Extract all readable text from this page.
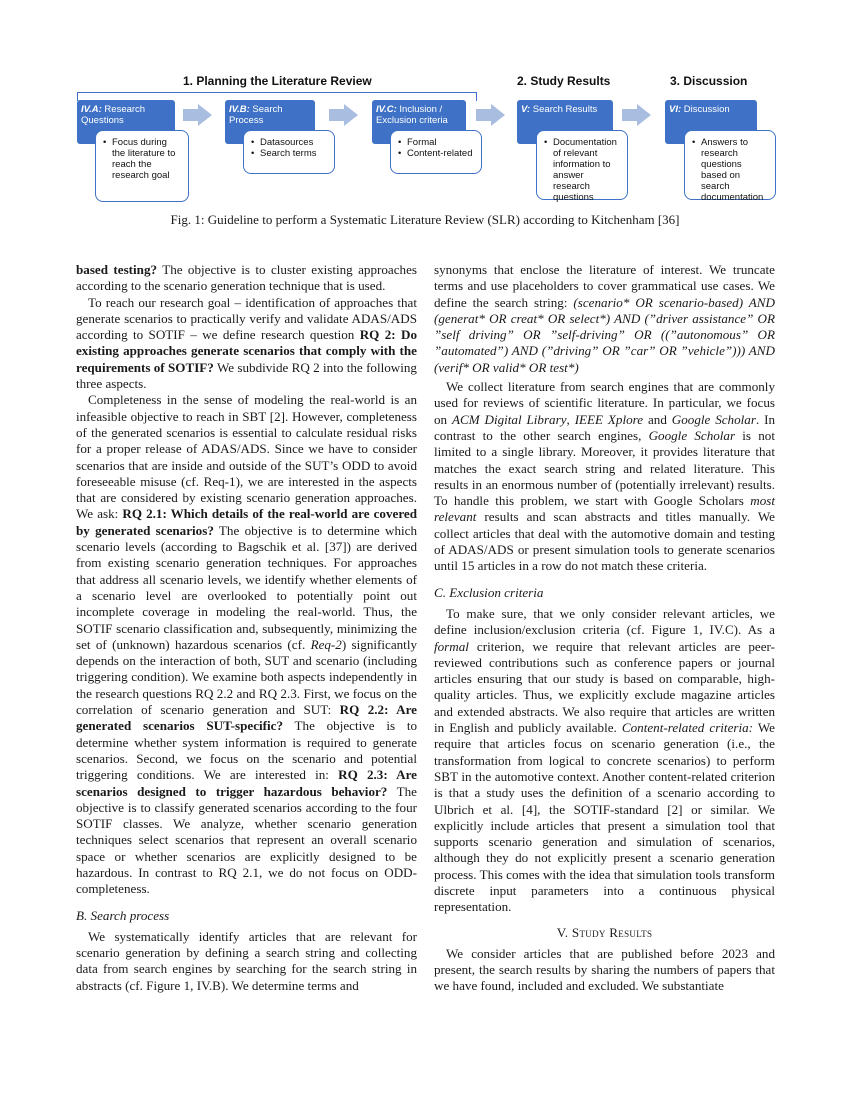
1. Planning the Literature Review	2. Study Results	3. Discussion
IV.A: Research Questions
• Focus during the literature to reach the research goal
IV.B: Search Process
• Datasources
• Search terms
IV.C: Inclusion / Exclusion criteria
• Formal
• Content-related
V: Search Results
• Documentation of relevant information to answer research questions
VI: Discussion
• Answers to research questions based on search documentation
Fig. 1: Guideline to perform a Systematic Literature Review (SLR) according to Kitchenham [36]

based testing? The objective is to cluster existing approaches according to the scenario generation technique that is used.

To reach our research goal – identification of approaches that generate scenarios to practically verify and validate ADAS/ADS according to SOTIF – we define research question RQ 2: Do existing approaches generate scenarios that comply with the requirements of SOTIF? We subdivide RQ 2 into the following three aspects.

Completeness in the sense of modeling the real-world is an infeasible objective to reach in SBT [2]. However, completeness of the generated scenarios is essential to calculate residual risks for a proper release of ADAS/ADS. Since we have to consider scenarios that are inside and outside of the SUT’s ODD to avoid foreseeable misuse (cf. Req-1), we are interested in the aspects that are considered by existing scenario generation approaches. We ask: RQ 2.1: Which details of the real-world are covered by generated scenarios? The objective is to determine which scenario levels (according to Bagschik et al. [37]) are derived from existing scenario generation techniques. For approaches that address all scenario levels, we identify whether elements of a scenario level are overlooked to potentially point out incomplete coverage in modeling the real-world. Thus, the SOTIF scenario classification and, subsequently, minimizing the set of (unknown) hazardous scenarios (cf. Req-2) significantly depends on the interaction of both, SUT and scenario (including triggering condition). We examine both aspects independently in the research questions RQ 2.2 and RQ 2.3. First, we focus on the correlation of scenario generation and SUT: RQ 2.2: Are generated scenarios SUT-specific? The objective is to determine whether system information is required to generate scenarios. Second, we focus on the scenario and potential triggering conditions. We are interested in: RQ 2.3: Are scenarios designed to trigger hazardous behavior? The objective is to classify generated scenarios according to the four SOTIF classes. We analyze, whether scenario generation techniques select scenarios that represent an overall scenario space or whether scenarios are explicitly designed to be hazardous. In contrast to RQ 2.1, we do not focus on ODD-completeness.

B. Search process

We systematically identify articles that are relevant for scenario generation by defining a search string and collecting data from search engines by searching for the search string in abstracts (cf. Figure 1, IV.B). We determine terms and

synonyms that enclose the literature of interest. We truncate terms and use placeholders to cover grammatical use cases. We define the search string: (scenario* OR scenario-based) AND (generat* OR creat* OR select*) AND (”driver assistance” OR ”self driving” OR ”self-driving” OR ((”autonomous” OR ”automated”) AND (”driving” OR ”car” OR ”vehicle”))) AND (verif* OR valid* OR test*)

We collect literature from search engines that are commonly used for reviews of scientific literature. In particular, we focus on ACM Digital Library, IEEE Xplore and Google Scholar. In contrast to the other search engines, Google Scholar is not limited to a single library. Moreover, it provides literature that matches the exact search string and related literature. This results in an enormous number of (potentially irrelevant) results. To handle this problem, we start with Google Scholars most relevant results and scan abstracts and titles manually. We collect articles that deal with the automotive domain and testing of ADAS/ADS or present simulation tools to generate scenarios until 15 articles in a row do not match these criteria.

C. Exclusion criteria

To make sure, that we only consider relevant articles, we define inclusion/exclusion criteria (cf. Figure 1, IV.C). As a formal criterion, we require that relevant articles are peer-reviewed contributions such as conference papers or journal articles ensuring that our study is based on comparable, high-quality articles. Thus, we explicitly exclude magazine articles and extended abstracts. We also require that articles are written in English and publicly available. Content-related criteria: We require that articles focus on scenario generation (i.e., the transformation from logical to concrete scenarios) to perform SBT in the automotive context. Another content-related criterion is that a study uses the definition of a scenario according to Ulbrich et al. [4], the SOTIF-standard [2] or similar. We explicitly include articles that present a simulation tool that supports scenario generation and simulation of scenarios, although they do not explicitly present a scenario generation process. This comes with the idea that simulation tools transform discrete input parameters into a continuous physical representation.

V. Study Results

We consider articles that are published before 2023 and present, the search results by sharing the numbers of papers that we have found, included and excluded. We substantiate
